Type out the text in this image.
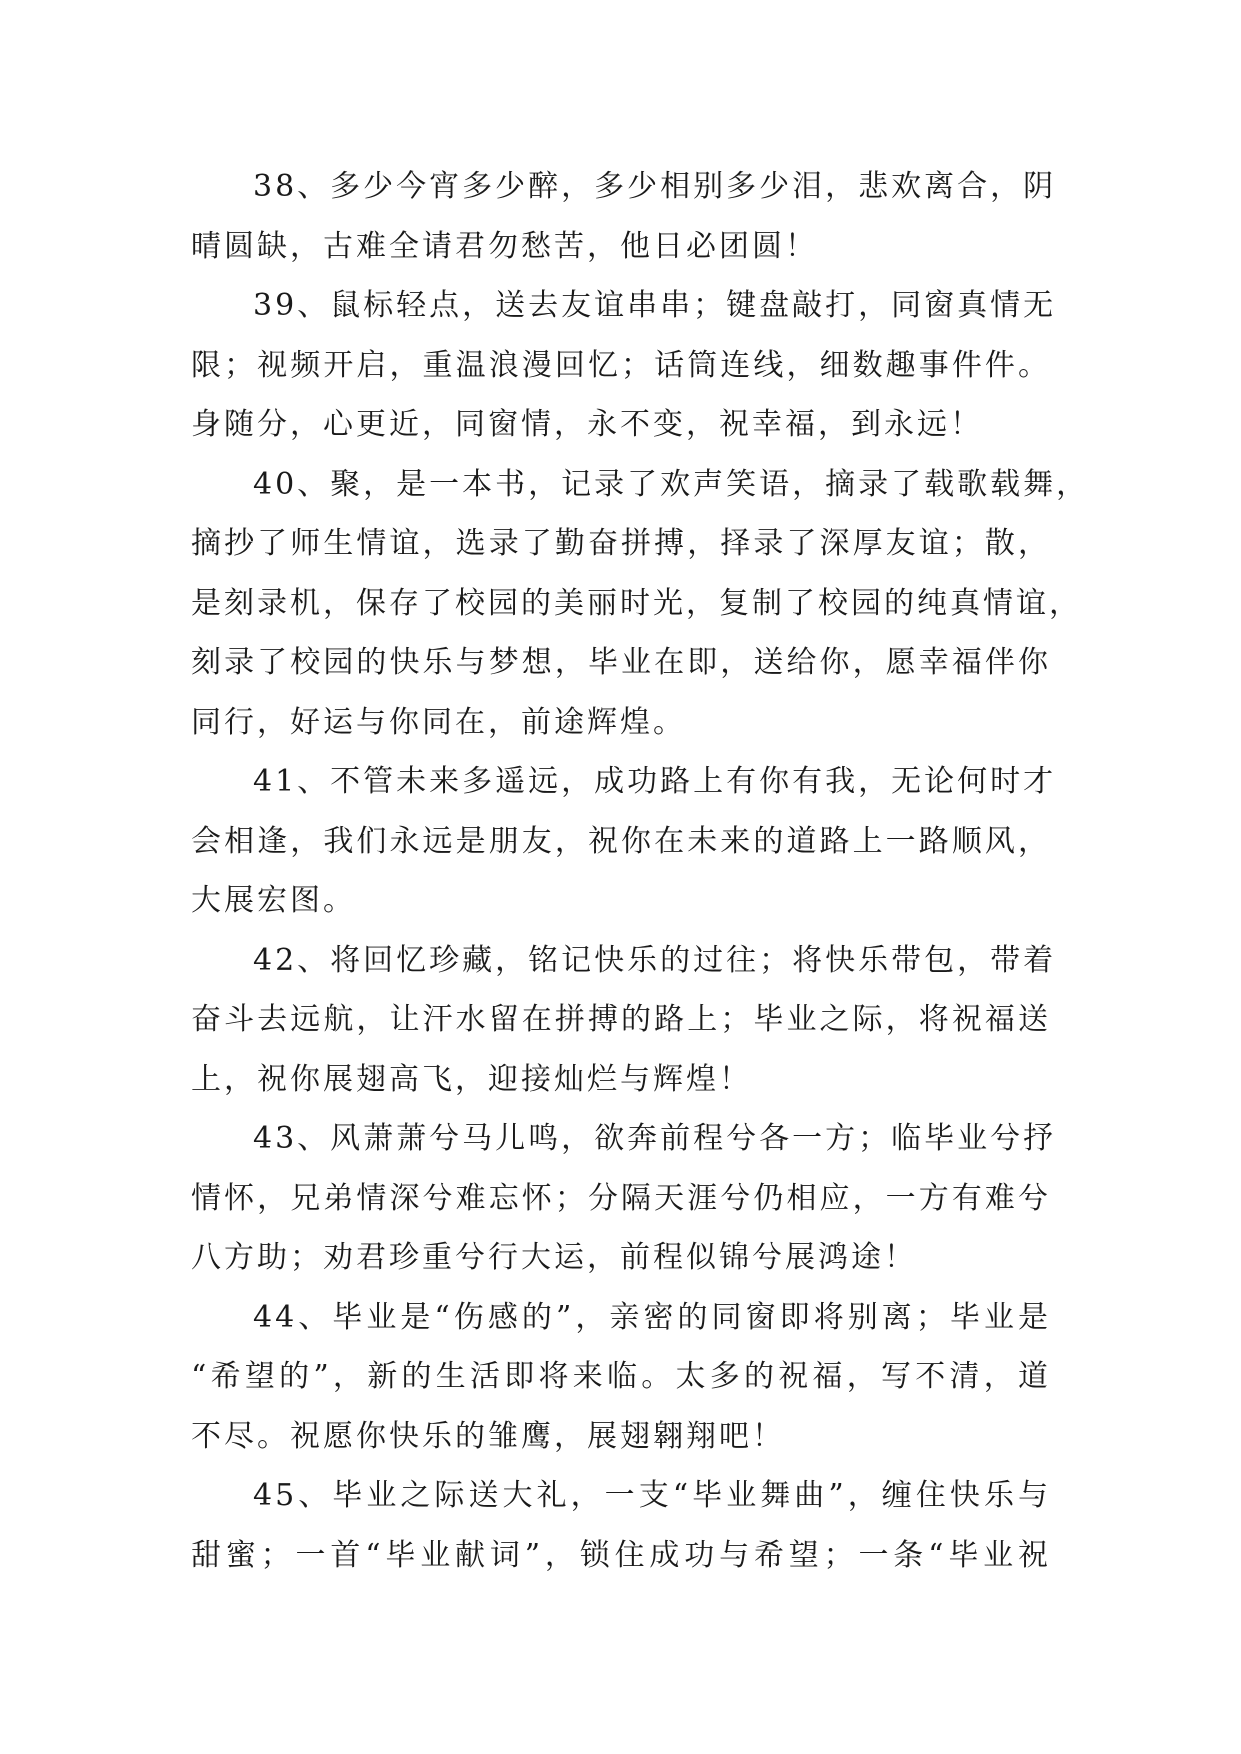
38、多少今宵多少醉，多少相别多少泪，悲欢离合，阴
晴圆缺，古难全请君勿愁苦，他日必团圆！
39、鼠标轻点，送去友谊串串；键盘敲打，同窗真情无
限；视频开启，重温浪漫回忆；话筒连线，细数趣事件件。
身随分，心更近，同窗情，永不变，祝幸福，到永远！
40、聚，是一本书，记录了欢声笑语，摘录了载歌载舞，
摘抄了师生情谊，选录了勤奋拼搏，择录了深厚友谊；散，
是刻录机，保存了校园的美丽时光，复制了校园的纯真情谊，
刻录了校园的快乐与梦想，毕业在即，送给你，愿幸福伴你
同行，好运与你同在，前途辉煌。
41、不管未来多遥远，成功路上有你有我，无论何时才
会相逢，我们永远是朋友，祝你在未来的道路上一路顺风，
大展宏图。
42、将回忆珍藏，铭记快乐的过往；将快乐带包，带着
奋斗去远航，让汗水留在拼搏的路上；毕业之际，将祝福送
上，祝你展翅高飞，迎接灿烂与辉煌！
43、风萧萧兮马儿鸣，欲奔前程兮各一方；临毕业兮抒
情怀，兄弟情深兮难忘怀；分隔天涯兮仍相应，一方有难兮
八方助；劝君珍重兮行大运，前程似锦兮展鸿途！
44、毕业是“伤感的”，亲密的同窗即将别离；毕业是
“希望的”，新的生活即将来临。太多的祝福，写不清，道
不尽。祝愿你快乐的雏鹰，展翅翱翔吧！
45、毕业之际送大礼，一支“毕业舞曲”，缠住快乐与
甜蜜；一首“毕业献词”，锁住成功与希望；一条“毕业祝
